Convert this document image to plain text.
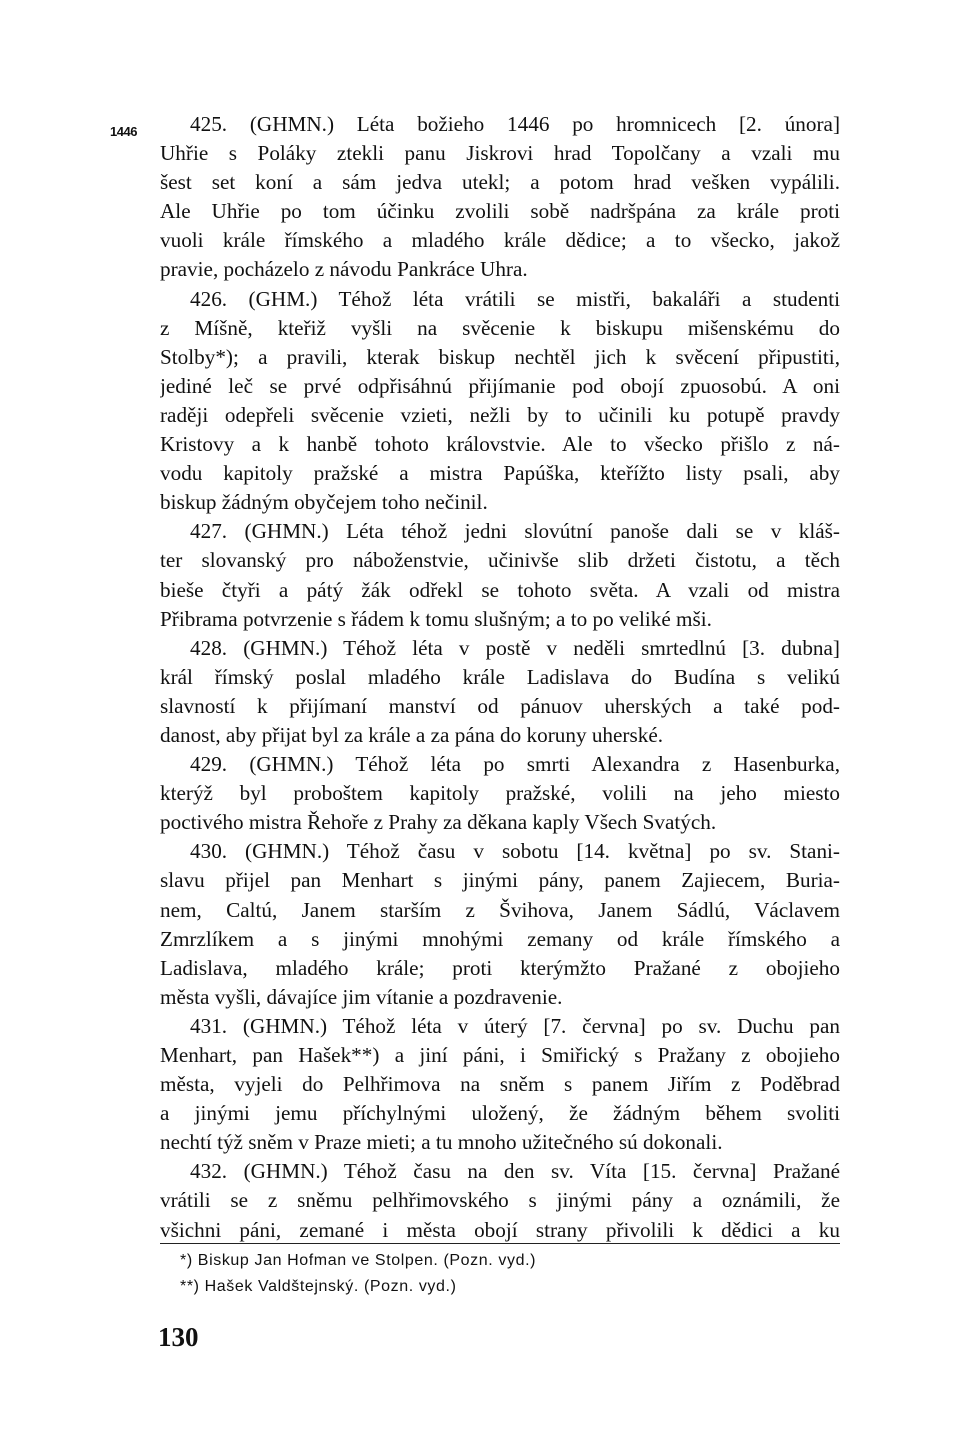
1446	425. (GHMN.) Léta božieho 1446 po hromnicech [2. února]
Uhřie s Poláky ztekli panu Jiskrovi hrad Topolčany a vzali mu
šest set koní a sám jedva utekl; a potom hrad vešken vypálili.
Ale Uhřie po tom účinku zvolili sobě nadršpána za krále proti
vuoli krále římského a mladého krále dědice; a to všecko, jakož
pravie, pocházelo z návodu Pankráce Uhra.
426. (GHM.) Téhož léta vrátili se mistři, bakaláři a studenti
z Míšně, kteřiž vyšli na svěcenie k biskupu mišenskému do
Stolby*); a pravili, kterak biskup nechtěl jich k svěcení připustiti,
jediné leč se prvé odpřisáhnú přijímanie pod obojí zpuosobú. A oni
raději odepřeli svěcenie vzieti, nežli by to učinili ku potupě pravdy
Kristovy a k hanbě tohoto královstvie. Ale to všecko přišlo z ná-
vodu kapitoly pražské a mistra Papúška, kteřížto listy psali, aby
biskup žádným obyčejem toho nečinil.
427. (GHMN.) Léta téhož jedni slovútní panoše dali se v kláš-
ter slovanský pro náboženstvie, učinivše slib držeti čistotu, a těch
bieše čtyři a pátý žák odřekl se tohoto světa. A vzali od mistra
Přibrama potvrzenie s řádem k tomu slušným; a to po veliké mši.
428. (GHMN.) Téhož léta v postě v neděli smrtedlnú [3. dubna]
král římský poslal mladého krále Ladislava do Budína s velikú
slavností k přijímaní manství od pánuov uherských a také pod-
danost, aby přijat byl za krále a za pána do koruny uherské.
429. (GHMN.) Téhož léta po smrti Alexandra z Hasenburka,
kterýž byl proboštem kapitoly pražské, volili na jeho miesto
poctivého mistra Řehoře z Prahy za děkana kaply Všech Svatých.
430. (GHMN.) Téhož času v sobotu [14. května] po sv. Stani-
slavu přijel pan Menhart s jinými pány, panem Zajiecem, Buria-
nem, Caltú, Janem starším z Švihova, Janem Sádlú, Václavem
Zmrzlíkem a s jinými mnohými zemany od krále římského a
Ladislava, mladého krále; proti kterýmžto Pražané z obojieho
města vyšli, dávajíce jim vítanie a pozdravenie.
431. (GHMN.) Téhož léta v úterý [7. června] po sv. Duchu pan
Menhart, pan Hašek**) a jiní páni, i Smiřický s Pražany z obojieho
města, vyjeli do Pelhřimova na sněm s panem Jiřím z Poděbrad
a jinými jemu příchylnými uložený, že žádným během svoliti
nechtí týž sněm v Praze mieti; a tu mnoho užitečného sú dokonali.
432. (GHMN.) Téhož času na den sv. Víta [15. června] Pražané
vrátili se z sněmu pelhřimovského s jinými pány a oznámili, že
všichni páni, zemané i města obojí strany přivolili k dědici a ku
*) Biskup Jan Hofman ve Stolpen. (Pozn. vyd.)
**) Hašek Valdštejnský. (Pozn. vyd.)
130
